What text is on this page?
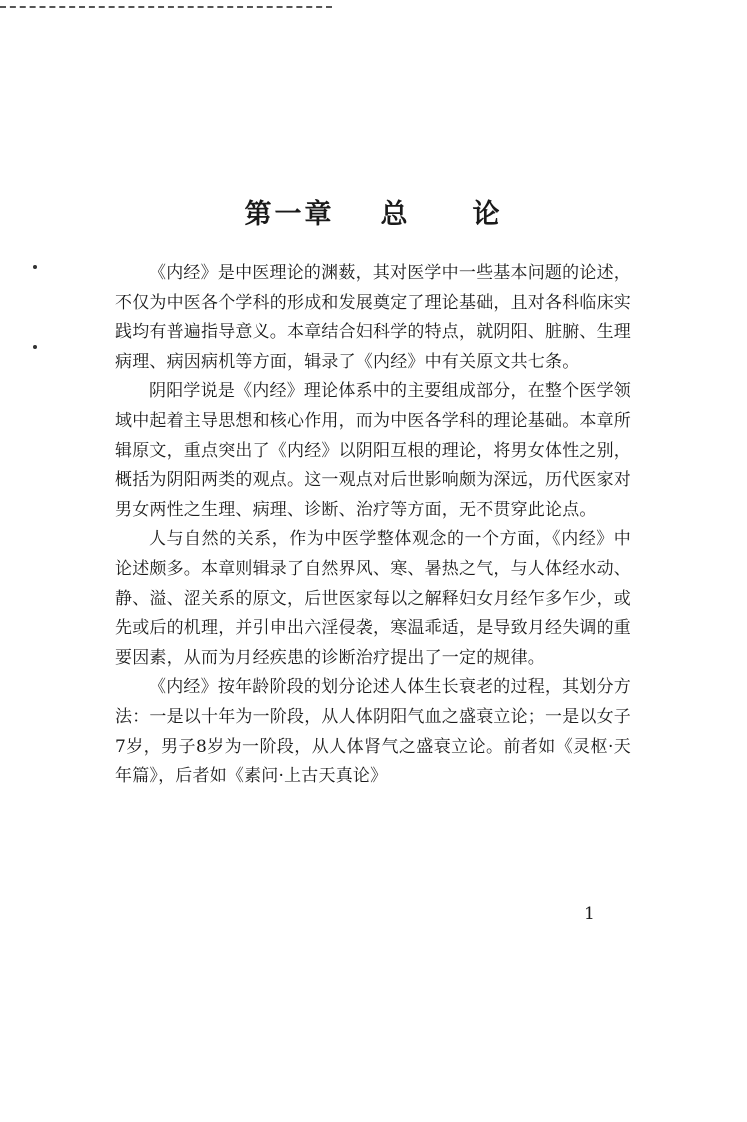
第一章 总 论

《内经》是中医理论的渊薮，其对医学中一些基本问题的论述，不仅为中医各个学科的形成和发展奠定了理论基础，且对各科临床实践均有普遍指导意义。本章结合妇科学的特点，就阴阳、脏腑、生理病理、病因病机等方面，辑录了《内经》中有关原文共七条。

阴阳学说是《内经》理论体系中的主要组成部分，在整个医学领域中起着主导思想和核心作用，而为中医各学科的理论基础。本章所辑原文，重点突出了《内经》以阴阳互根的理论，将男女体性之别，概括为阴阳两类的观点。这一观点对后世影响颇为深远，历代医家对男女两性之生理、病理、诊断、治疗等方面，无不贯穿此论点。

人与自然的关系，作为中医学整体观念的一个方面，《内经》中论述颇多。本章则辑录了自然界风、寒、暑热之气，与人体经水动、静、溢、涩关系的原文，后世医家每以之解释妇女月经乍多乍少，或先或后的机理，并引申出六淫侵袭，寒温乖适，是导致月经失调的重要因素，从而为月经疾患的诊断治疗提出了一定的规律。

《内经》按年龄阶段的划分论述人体生长衰老的过程，其划分方法：一是以十年为一阶段，从人体阴阳气血之盛衰立论；一是以女子7岁，男子8岁为一阶段，从人体肾气之盛衰立论。前者如《灵枢·天年篇》，后者如《素问·上古天真论》

1
